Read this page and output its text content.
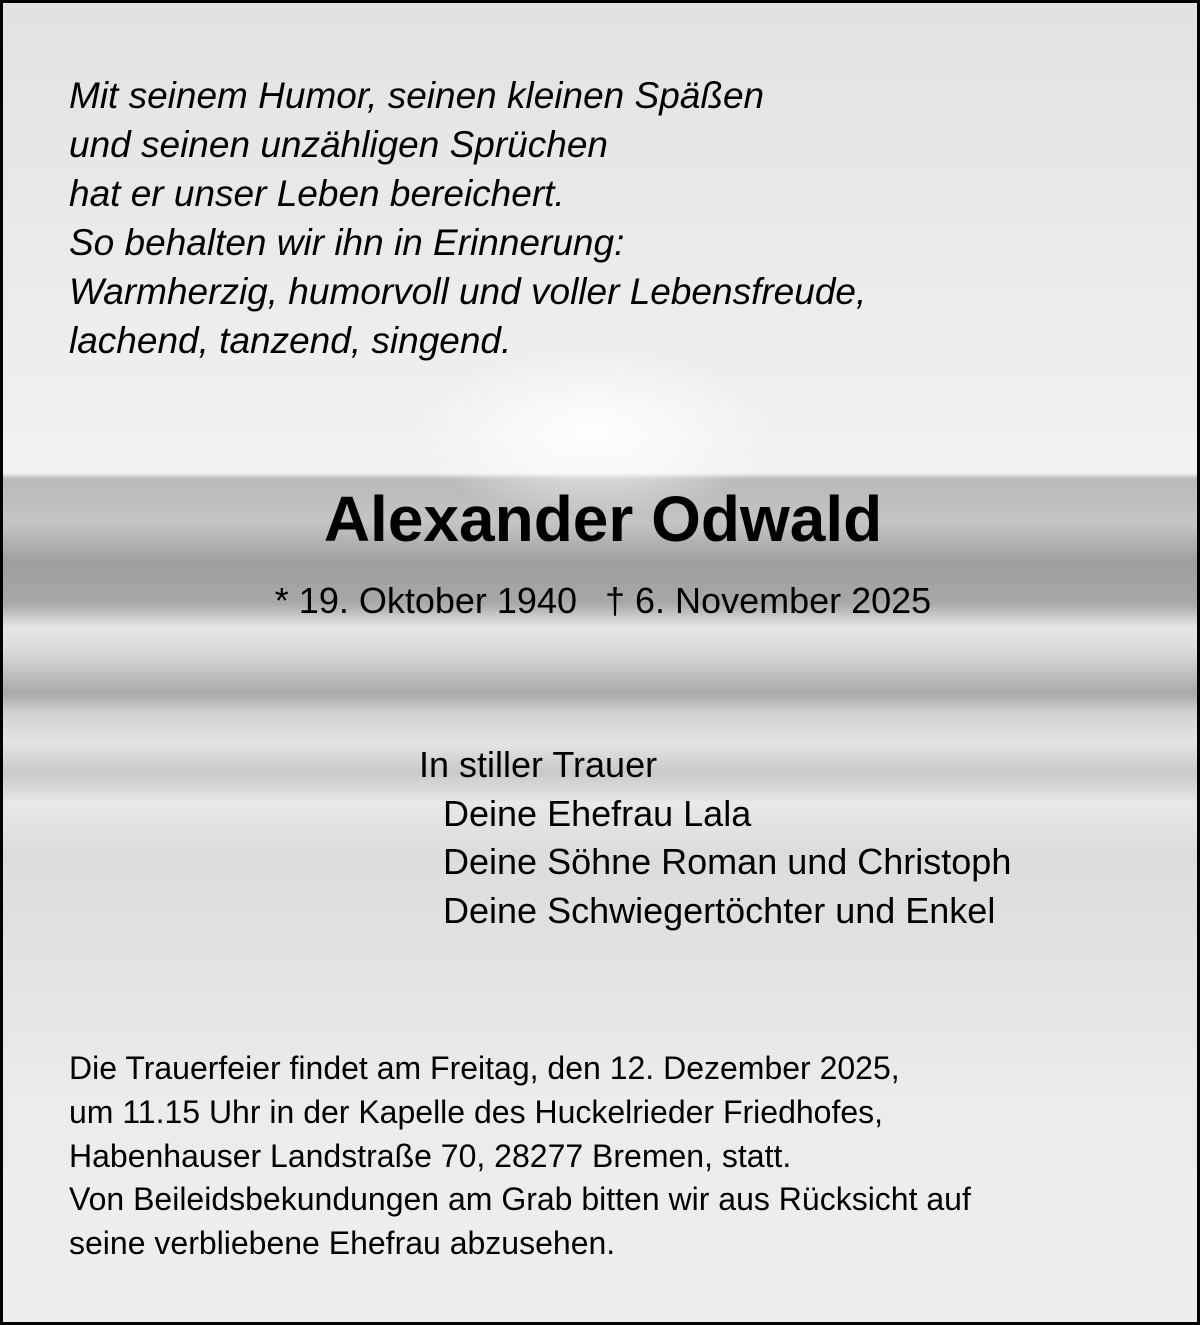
Mit seinem Humor, seinen kleinen Späßen
und seinen unzähligen Sprüchen
hat er unser Leben bereichert.
So behalten wir ihn in Erinnerung:
Warmherzig, humorvoll und voller Lebensfreude,
lachend, tanzend, singend.
Alexander Odwald
* 19. Oktober 1940 † 6. November 2025
In stiller Trauer
Deine Ehefrau Lala
Deine Söhne Roman und Christoph
Deine Schwiegertöchter und Enkel
Die Trauerfeier findet am Freitag, den 12. Dezember 2025,
um 11.15 Uhr in der Kapelle des Huckelrieder Friedhofes,
Habenhauser Landstraße 70, 28277 Bremen, statt.
Von Beileidsbekundungen am Grab bitten wir aus Rücksicht auf
seine verbliebene Ehefrau abzusehen.
